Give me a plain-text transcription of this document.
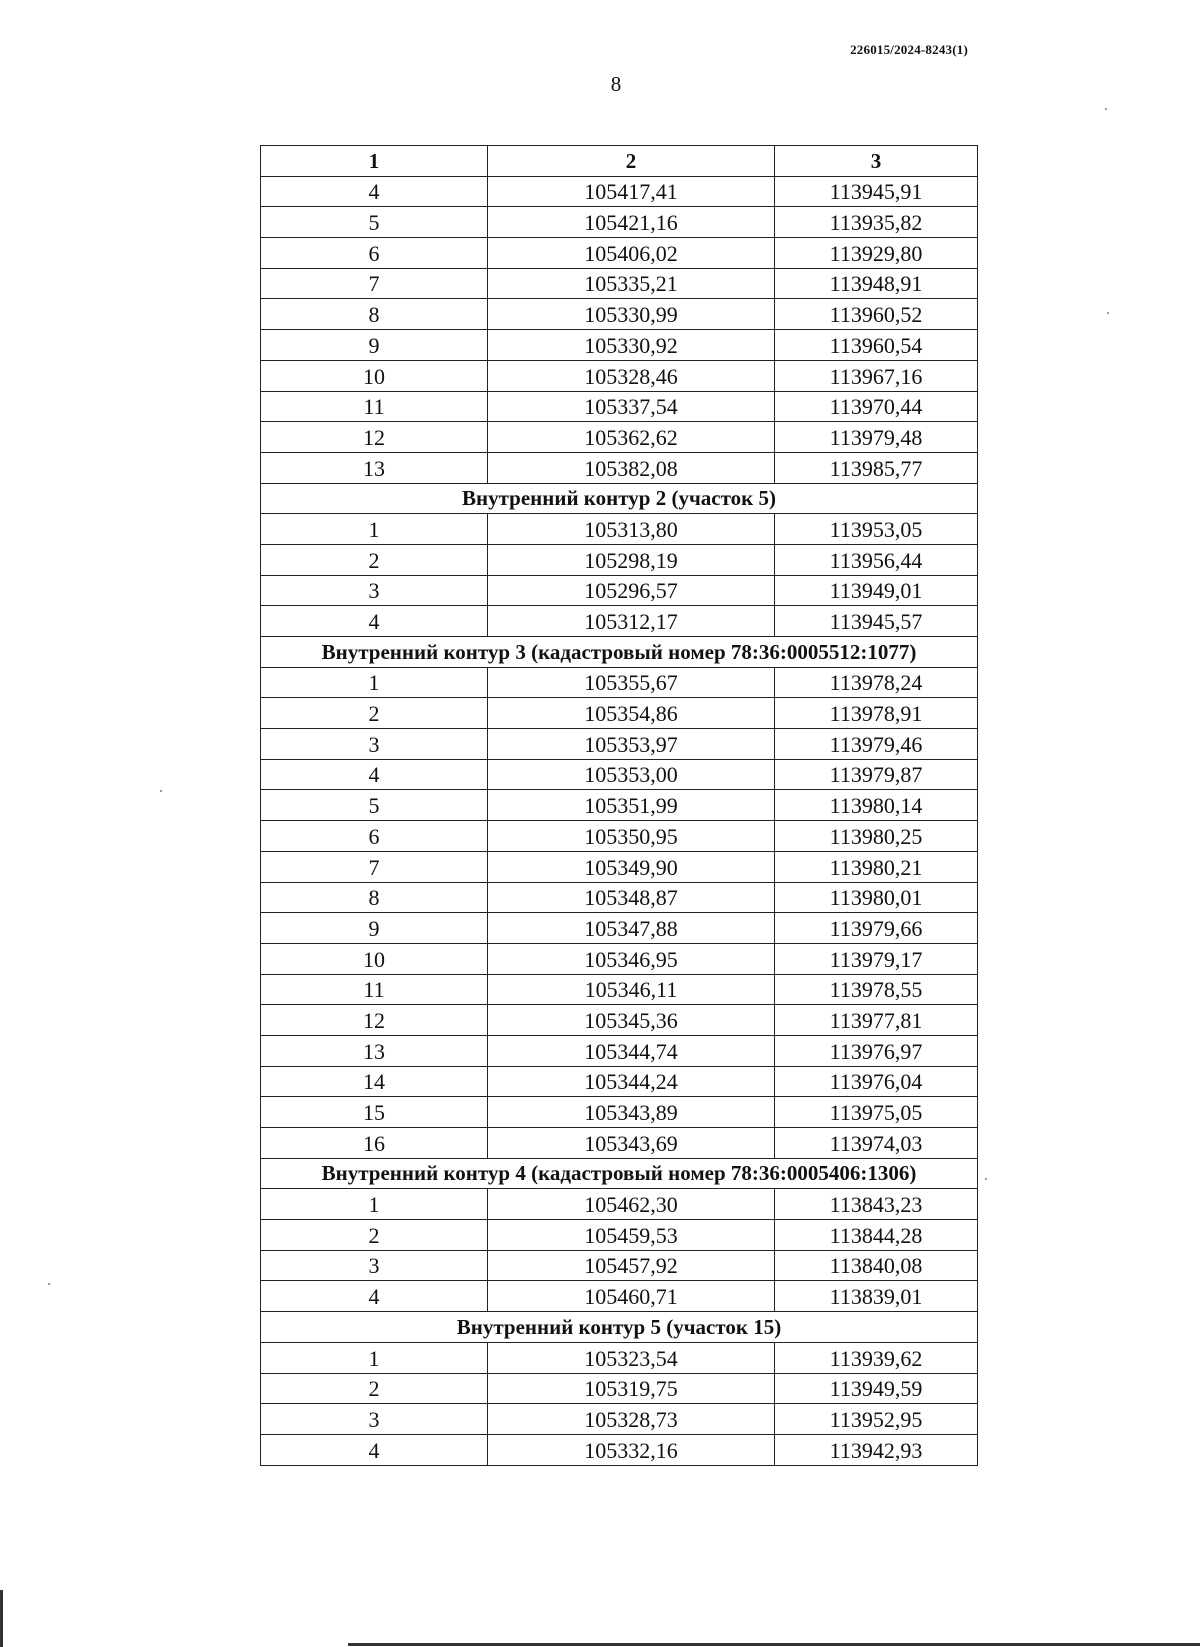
226015/2024-8243(1)
8
1	2	3
4	105417,41	113945,91
5	105421,16	113935,82
6	105406,02	113929,80
7	105335,21	113948,91
8	105330,99	113960,52
9	105330,92	113960,54
10	105328,46	113967,16
11	105337,54	113970,44
12	105362,62	113979,48
13	105382,08	113985,77
Внутренний контур 2 (участок 5)		
1	105313,80	113953,05
2	105298,19	113956,44
3	105296,57	113949,01
4	105312,17	113945,57
Внутренний контур 3 (кадастровый номер 78:36:0005512:1077)		
1	105355,67	113978,24
2	105354,86	113978,91
3	105353,97	113979,46
4	105353,00	113979,87
5	105351,99	113980,14
6	105350,95	113980,25
7	105349,90	113980,21
8	105348,87	113980,01
9	105347,88	113979,66
10	105346,95	113979,17
11	105346,11	113978,55
12	105345,36	113977,81
13	105344,74	113976,97
14	105344,24	113976,04
15	105343,89	113975,05
16	105343,69	113974,03
Внутренний контур 4 (кадастровый номер 78:36:0005406:1306)		
1	105462,30	113843,23
2	105459,53	113844,28
3	105457,92	113840,08
4	105460,71	113839,01
Внутренний контур 5 (участок 15)		
1	105323,54	113939,62
2	105319,75	113949,59
3	105328,73	113952,95
4	105332,16	113942,93
